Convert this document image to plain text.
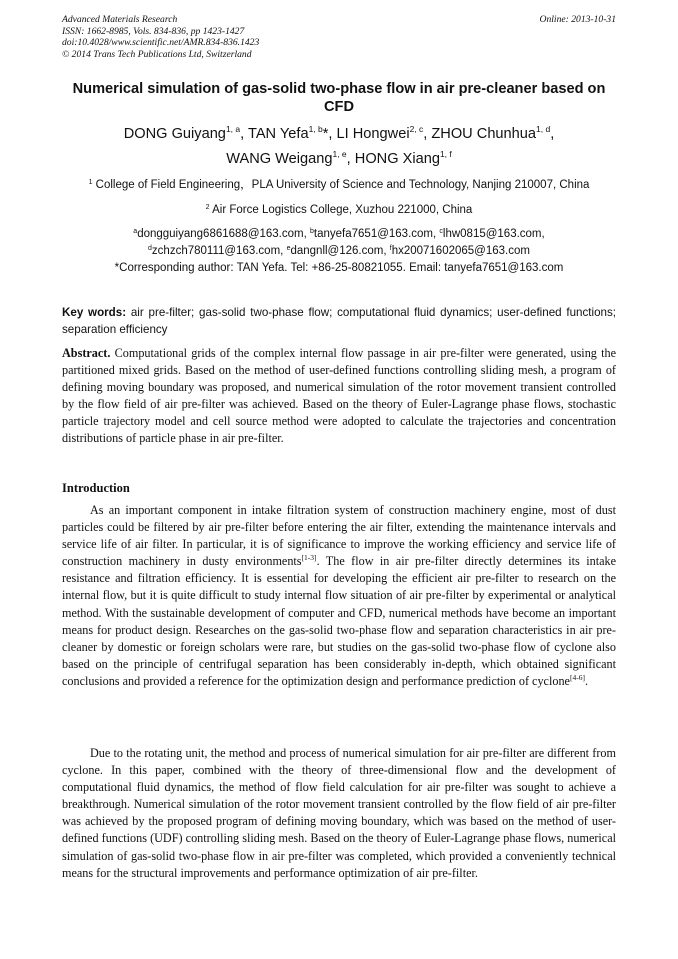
Advanced Materials Research
ISSN: 1662-8985, Vols. 834-836, pp 1423-1427
doi:10.4028/www.scientific.net/AMR.834-836.1423
© 2014 Trans Tech Publications Ltd, Switzerland
Online: 2013-10-31
Numerical simulation of gas-solid two-phase flow in air pre-cleaner based on CFD
DONG Guiyang$^{1, a}$, TAN Yefa$^{1, b}$*, LI Hongwei$^{2, c}$, ZHOU Chunhua$^{1, d}$,
WANG Weigang$^{1, e}$, HONG Xiang$^{1, f}$
$^1$ College of Field Engineering，PLA University of Science and Technology, Nanjing 210007, China
$^2$ Air Force Logistics College, Xuzhou 221000, China
$^a$dongguiyang6861688@163.com, $^b$tanyefa7651@163.com, $^c$lhw0815@163.com,
$^d$zchzch780111@163.com, $^e$dangnll@126.com, $^f$hx20071602065@163.com
*Corresponding author: TAN Yefa. Tel: +86-25-80821055. Email: tanyefa7651@163.com
Key words: air pre-filter; gas-solid two-phase flow; computational fluid dynamics; user-defined functions; separation efficiency
Abstract. Computational grids of the complex internal flow passage in air pre-filter were generated, using the partitioned mixed grids. Based on the method of user-defined functions controlling sliding mesh, a program of defining moving boundary was proposed, and numerical simulation of the rotor movement transient controlled by the flow field of air pre-filter was achieved. Based on the theory of Euler-Lagrange phase flows, stochastic particle trajectory model and cell source method were adopted to calculate the trajectories and concentration distributions of particle phase in air pre-filter.
Introduction

As an important component in intake filtration system of construction machinery engine, most of dust particles could be filtered by air pre-filter before entering the air filter, extending the maintenance intervals and service life of air filter. In particular, it is of significance to improve the working efficiency and service life of construction machinery in dusty environments[1-3]. The flow in air pre-filter directly determines its intake resistance and filtration efficiency. It is essential for developing the efficient air pre-filter to research on the internal flow, but it is quite difficult to study internal flow situation of air pre-filter by experimental or analytical method. With the sustainable development of computer and CFD, numerical methods have become an important means for product design. Researches on the gas-solid two-phase flow and separation characteristics in air pre-cleaner by domestic or foreign scholars were rare, but studies on the gas-solid two-phase flow of cyclone also based on the principle of centrifugal separation has been considerably in-depth, which obtained significant conclusions and provided a reference for the optimization design and performance prediction of cyclone[4-6].

Due to the rotating unit, the method and process of numerical simulation for air pre-filter are different from cyclone. In this paper, combined with the theory of three-dimensional flow and the development of computational fluid dynamics, the method of flow field calculation for air pre-filter was sought to achieve a breakthrough. Numerical simulation of the rotor movement transient controlled by the flow field of air pre-filter was achieved by the proposed program of defining moving boundary, which was based on the method of user-defined functions (UDF) controlling sliding mesh. Based on the theory of Euler-Lagrange phase flows, numerical simulation of gas-solid two-phase flow in air pre-filter was completed, which provided a conveniently technical means for the structural improvements and performance optimization of air pre-filter.
